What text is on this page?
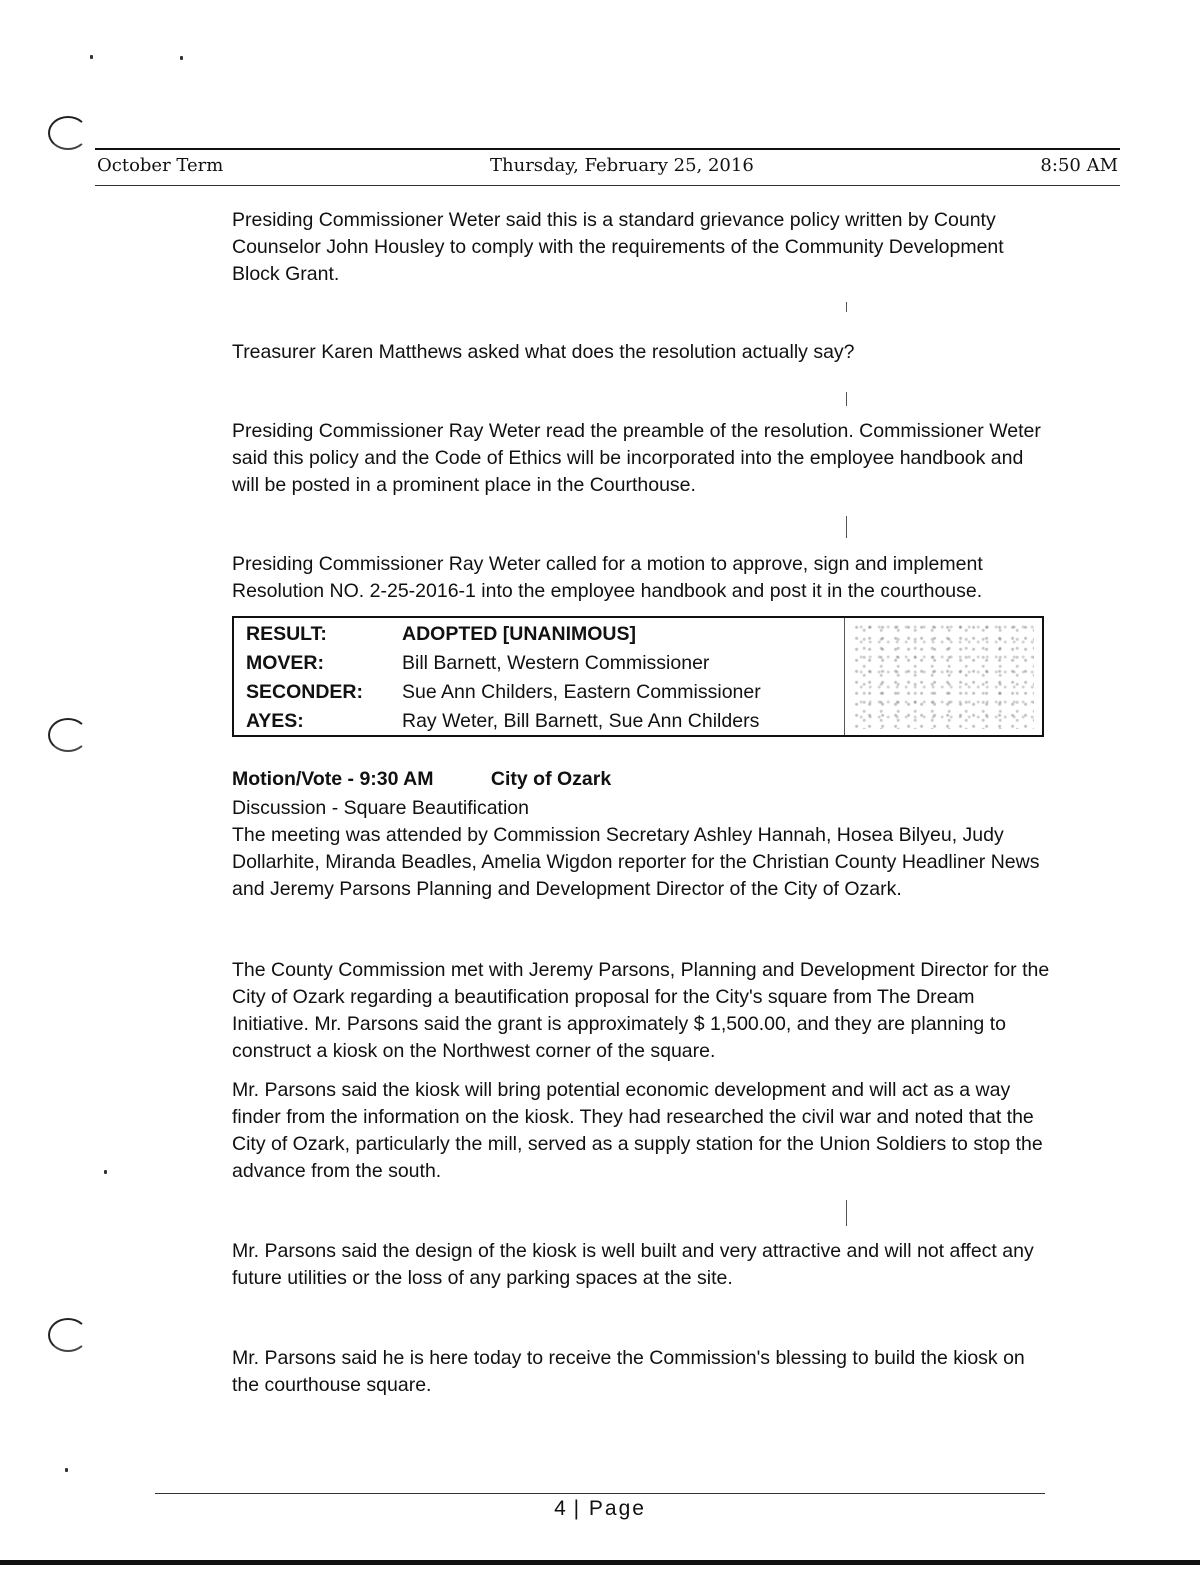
October Term	Thursday, February 25, 2016	8:50 AM
Presiding Commissioner Weter said this is a standard grievance policy written by County Counselor John Housley to comply with the requirements of the Community Development Block Grant.
Treasurer Karen Matthews asked what does the resolution actually say?
Presiding Commissioner Ray Weter read the preamble of the resolution. Commissioner Weter said this policy and the Code of Ethics will be incorporated into the employee handbook and will be posted in a prominent place in the Courthouse.
Presiding Commissioner Ray Weter called for a motion to approve, sign and implement Resolution NO. 2-25-2016-1 into the employee handbook and post it in the courthouse.
RESULT:	ADOPTED [UNANIMOUS]
MOVER:	Bill Barnett, Western Commissioner
SECONDER: Sue Ann Childers, Eastern Commissioner
AYES:	Ray Weter, Bill Barnett, Sue Ann Childers
Motion/Vote - 9:30 AM	City of Ozark
Discussion - Square Beautification
The meeting was attended by Commission Secretary Ashley Hannah, Hosea Bilyeu, Judy Dollarhite, Miranda Beadles, Amelia Wigdon reporter for the Christian County Headliner News and Jeremy Parsons Planning and Development Director of the City of Ozark.
The County Commission met with Jeremy Parsons, Planning and Development Director for the City of Ozark regarding a beautification proposal for the City's square from The Dream Initiative. Mr. Parsons said the grant is approximately $ 1,500.00, and they are planning to construct a kiosk on the Northwest corner of the square.
Mr. Parsons said the kiosk will bring potential economic development and will act as a way finder from the information on the kiosk. They had researched the civil war and noted that the City of Ozark, particularly the mill, served as a supply station for the Union Soldiers to stop the advance from the south.
Mr. Parsons said the design of the kiosk is well built and very attractive and will not affect any future utilities or the loss of any parking spaces at the site.
Mr. Parsons said he is here today to receive the Commission's blessing to build the kiosk on the courthouse square.
4 | Page
